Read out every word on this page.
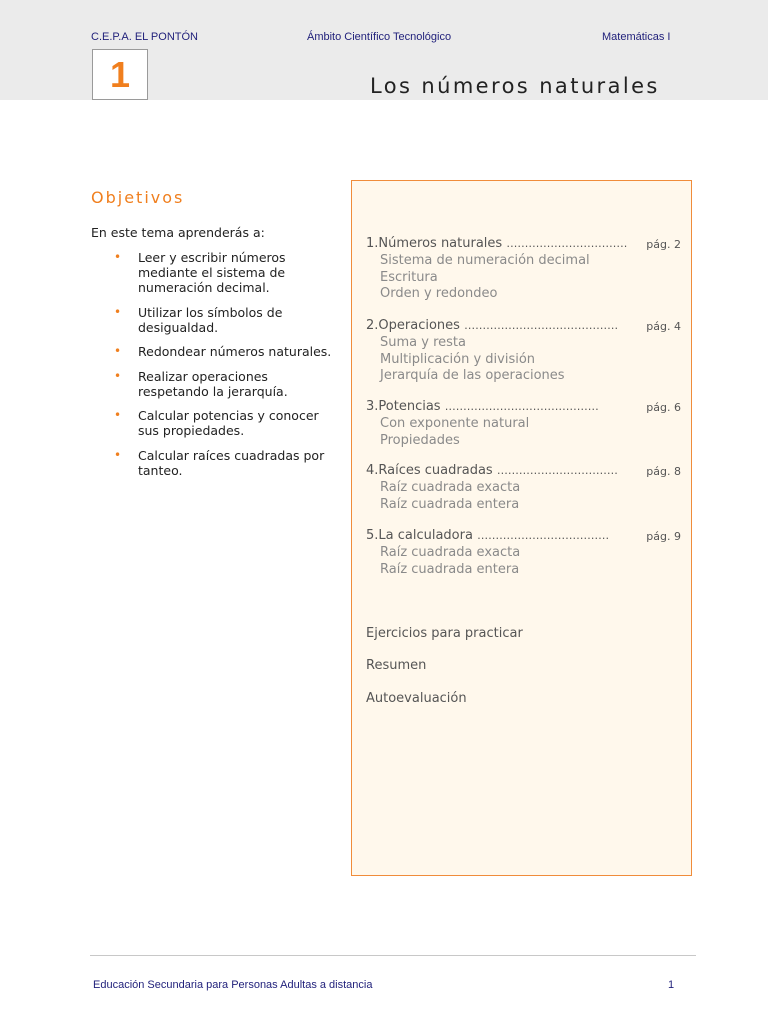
C.E.P.A. EL PONTÓN	Ámbito Científico Tecnológico	Matemáticas I
1	Los números naturales
Objetivos
En este tema aprenderás a:
• Leer y escribir números mediante el sistema de numeración decimal.
• Utilizar los símbolos de desigualdad.
• Redondear números naturales.
• Realizar operaciones respetando la jerarquía.
• Calcular potencias y conocer sus propiedades.
• Calcular raíces cuadradas por tanteo.
1.Números naturales …………………………… pág. 2
Sistema de numeración decimal
Escritura
Orden y redondeo
2.Operaciones ……………………………………	pág. 4
Suma y resta
Multiplicación y división
Jerarquía de las operaciones
3.Potencias ……………………………………	pág. 6
Con exponente natural
Propiedades
4.Raíces cuadradas ……………………………	pág. 8
Raíz cuadrada exacta
Raíz cuadrada entera
5.La calculadora ………………………………	pág. 9
Raíz cuadrada exacta
Raíz cuadrada entera
Ejercicios para practicar
Resumen
Autoevaluación
Educación Secundaria para Personas Adultas a distancia	1
